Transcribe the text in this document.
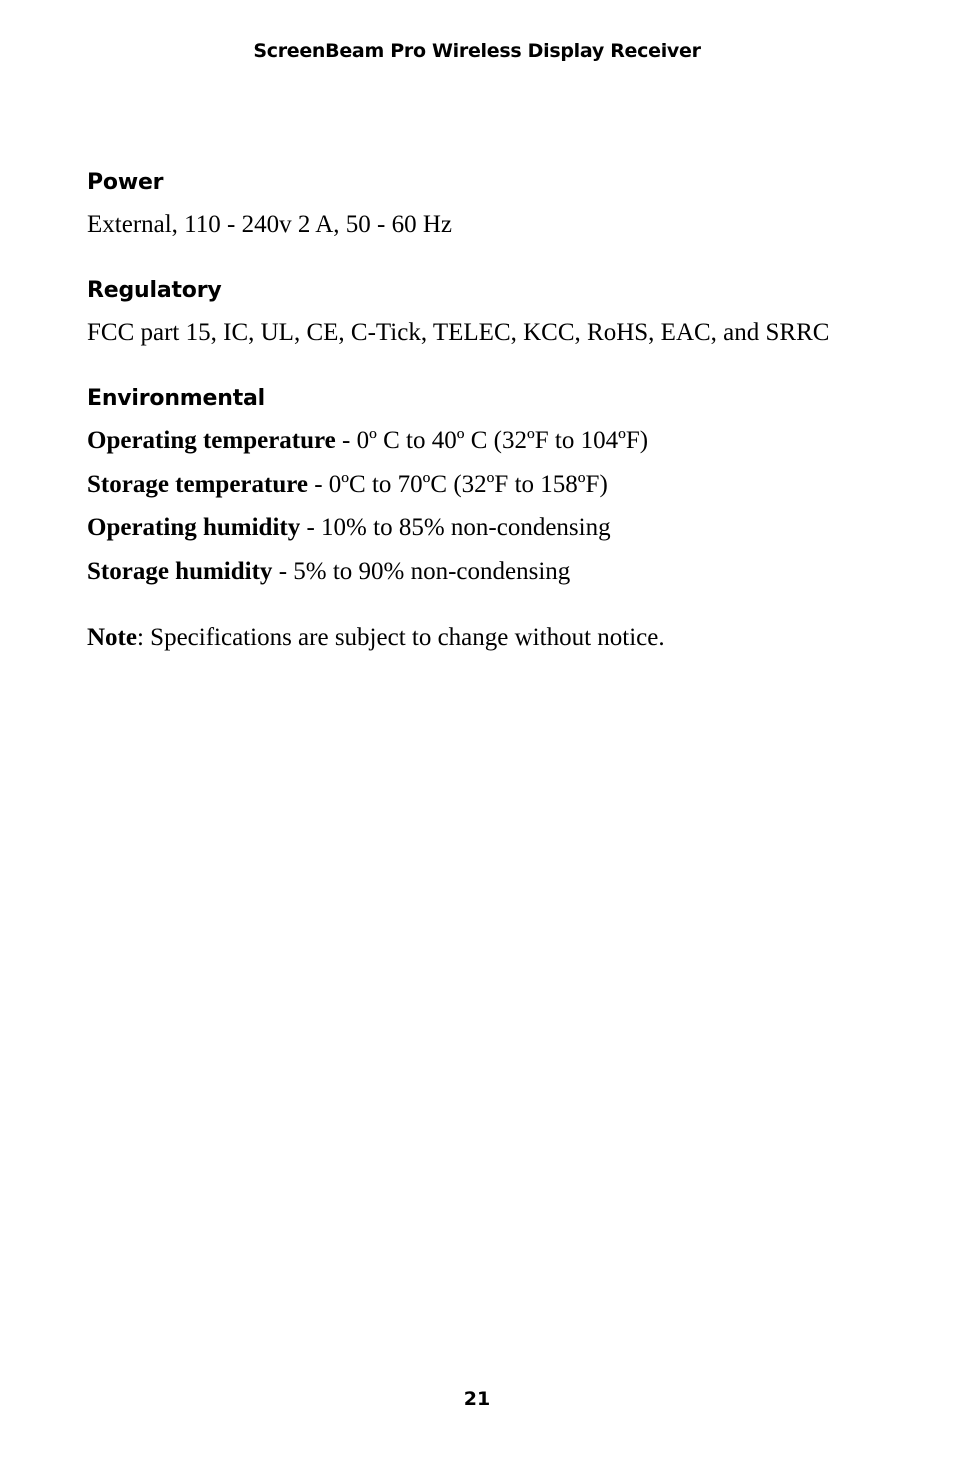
ScreenBeam Pro Wireless Display Receiver
Power
External, 110 - 240v 2 A, 50 - 60 Hz
Regulatory
FCC part 15, IC, UL, CE, C-Tick, TELEC, KCC, RoHS, EAC, and SRRC
Environmental
Operating temperature - 0º C to 40º C (32ºF to 104ºF)
Storage temperature - 0ºC to 70ºC (32ºF to 158ºF)
Operating humidity - 10% to 85% non-condensing
Storage humidity - 5% to 90% non-condensing
Note: Specifications are subject to change without notice.
21
